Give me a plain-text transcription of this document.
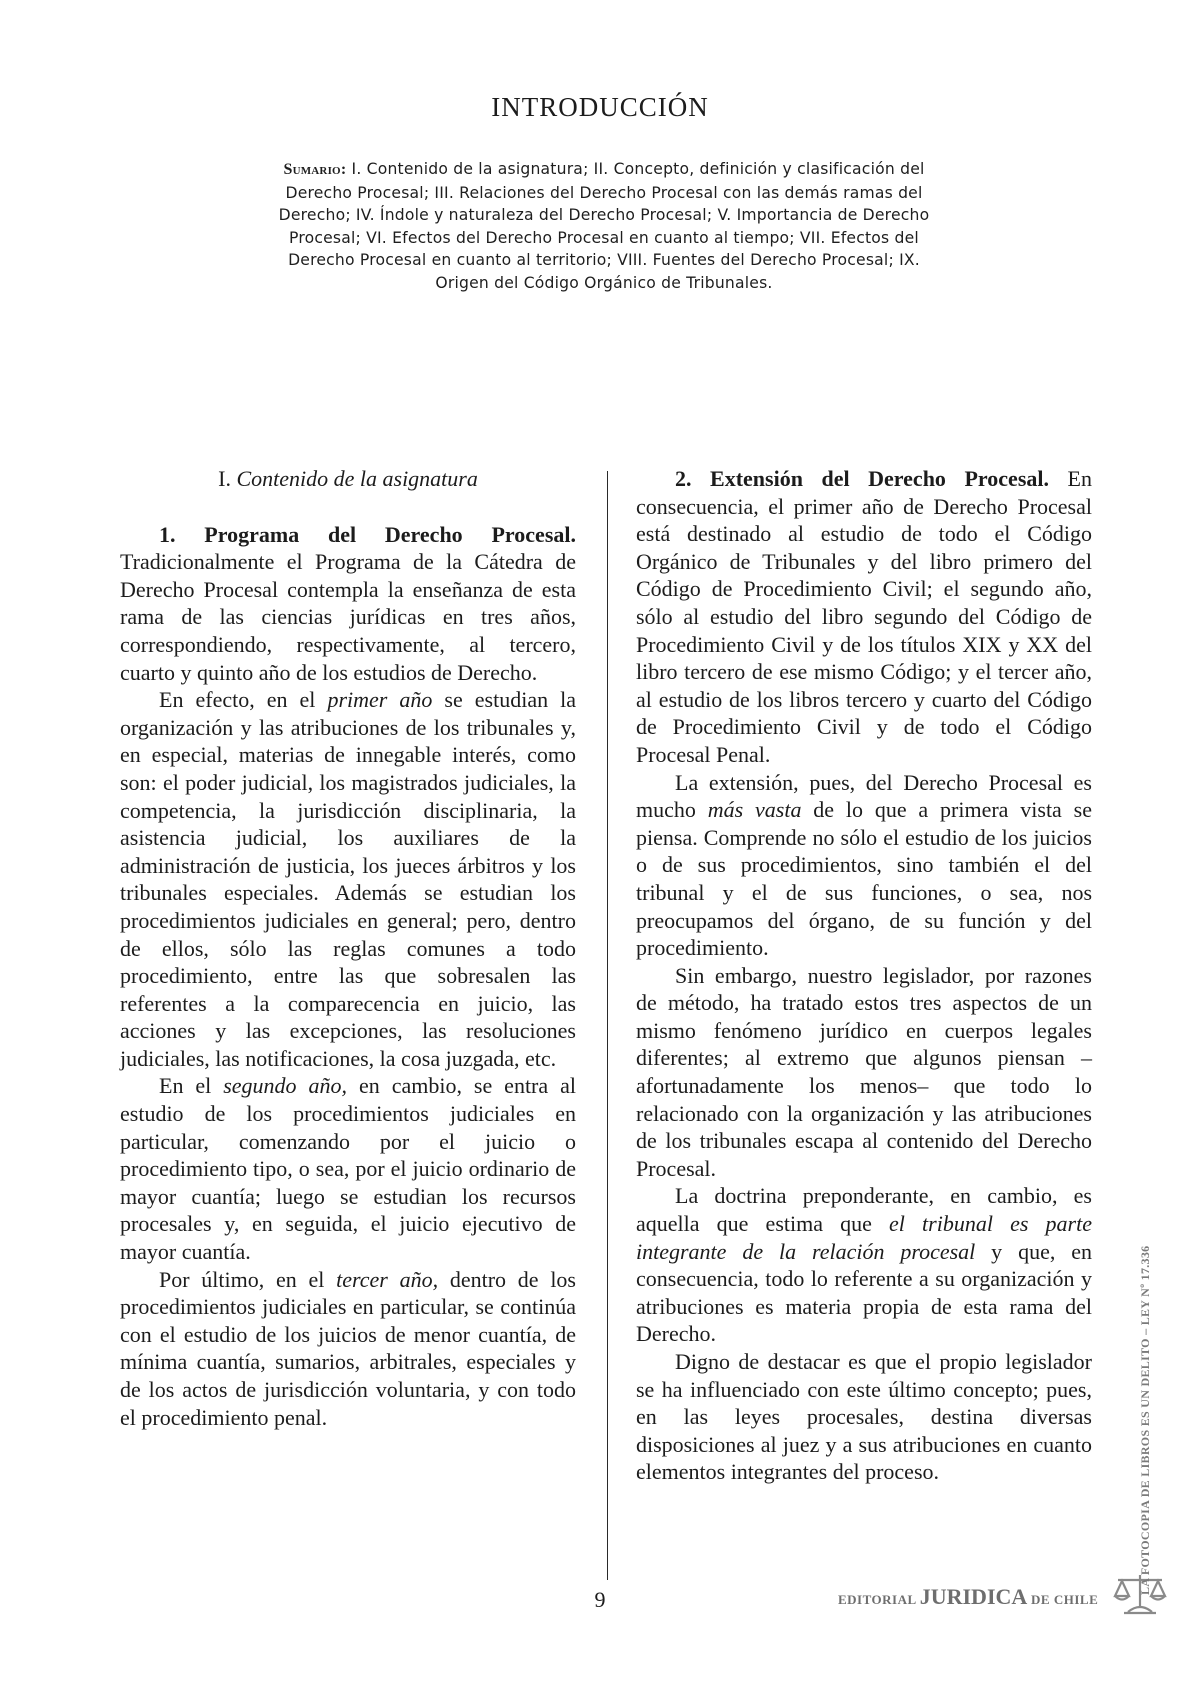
INTRODUCCIÓN
Sumario: I. Contenido de la asignatura; II. Concepto, definición y clasificación del Derecho Procesal; III. Relaciones del Derecho Procesal con las demás ramas del Derecho; IV. Índole y naturaleza del Derecho Procesal; V. Importancia de Derecho Procesal; VI. Efectos del Derecho Procesal en cuanto al tiempo; VII. Efectos del Derecho Procesal en cuanto al territorio; VIII. Fuentes del Derecho Procesal; IX. Origen del Código Orgánico de Tribunales.
I. Contenido de la asignatura

1. Programa del Derecho Procesal. Tradicionalmente el Programa de la Cátedra de Derecho Procesal contempla la enseñanza de esta rama de las ciencias jurídicas en tres años, correspondiendo, respectivamente, al tercero, cuarto y quinto año de los estudios de Derecho.

En efecto, en el primer año se estudian la organización y las atribuciones de los tribunales y, en especial, materias de innegable interés, como son: el poder judicial, los magistrados judiciales, la competencia, la jurisdicción disciplinaria, la asistencia judicial, los auxiliares de la administración de justicia, los jueces árbitros y los tribunales especiales. Además se estudian los procedimientos judiciales en general; pero, dentro de ellos, sólo las reglas comunes a todo procedimiento, entre las que sobresalen las referentes a la comparecencia en juicio, las acciones y las excepciones, las resoluciones judiciales, las notificaciones, la cosa juzgada, etc.

En el segundo año, en cambio, se entra al estudio de los procedimientos judiciales en particular, comenzando por el juicio o procedimiento tipo, o sea, por el juicio ordinario de mayor cuantía; luego se estudian los recursos procesales y, en seguida, el juicio ejecutivo de mayor cuantía.

Por último, en el tercer año, dentro de los procedimientos judiciales en particular, se continúa con el estudio de los juicios de menor cuantía, de mínima cuantía, sumarios, arbitrales, especiales y de los actos de jurisdicción voluntaria, y con todo el procedimiento penal.

2. Extensión del Derecho Procesal. En consecuencia, el primer año de Derecho Procesal está destinado al estudio de todo el Código Orgánico de Tribunales y del libro primero del Código de Procedimiento Civil; el segundo año, sólo al estudio del libro segundo del Código de Procedimiento Civil y de los títulos XIX y XX del libro tercero de ese mismo Código; y el tercer año, al estudio de los libros tercero y cuarto del Código de Procedimiento Civil y de todo el Código Procesal Penal.

La extensión, pues, del Derecho Procesal es mucho más vasta de lo que a primera vista se piensa. Comprende no sólo el estudio de los juicios o de sus procedimientos, sino también el del tribunal y el de sus funciones, o sea, nos preocupamos del órgano, de su función y del procedimiento.

Sin embargo, nuestro legislador, por razones de método, ha tratado estos tres aspectos de un mismo fenómeno jurídico en cuerpos legales diferentes; al extremo que algunos piensan –afortunadamente los menos– que todo lo relacionado con la organización y las atribuciones de los tribunales escapa al contenido del Derecho Procesal.

La doctrina preponderante, en cambio, es aquella que estima que el tribunal es parte integrante de la relación procesal y que, en consecuencia, todo lo referente a su organización y atribuciones es materia propia de esta rama del Derecho.

Digno de destacar es que el propio legislador se ha influenciado con este último concepto; pues, en las leyes procesales, destina diversas disposiciones al juez y a sus atribuciones en cuanto elementos integrantes del proceso.

9	EDITORIAL JURIDICA DE CHILE
LA FOTOCOPIA DE LIBROS ES UN DELITO – LEY Nº 17.336
